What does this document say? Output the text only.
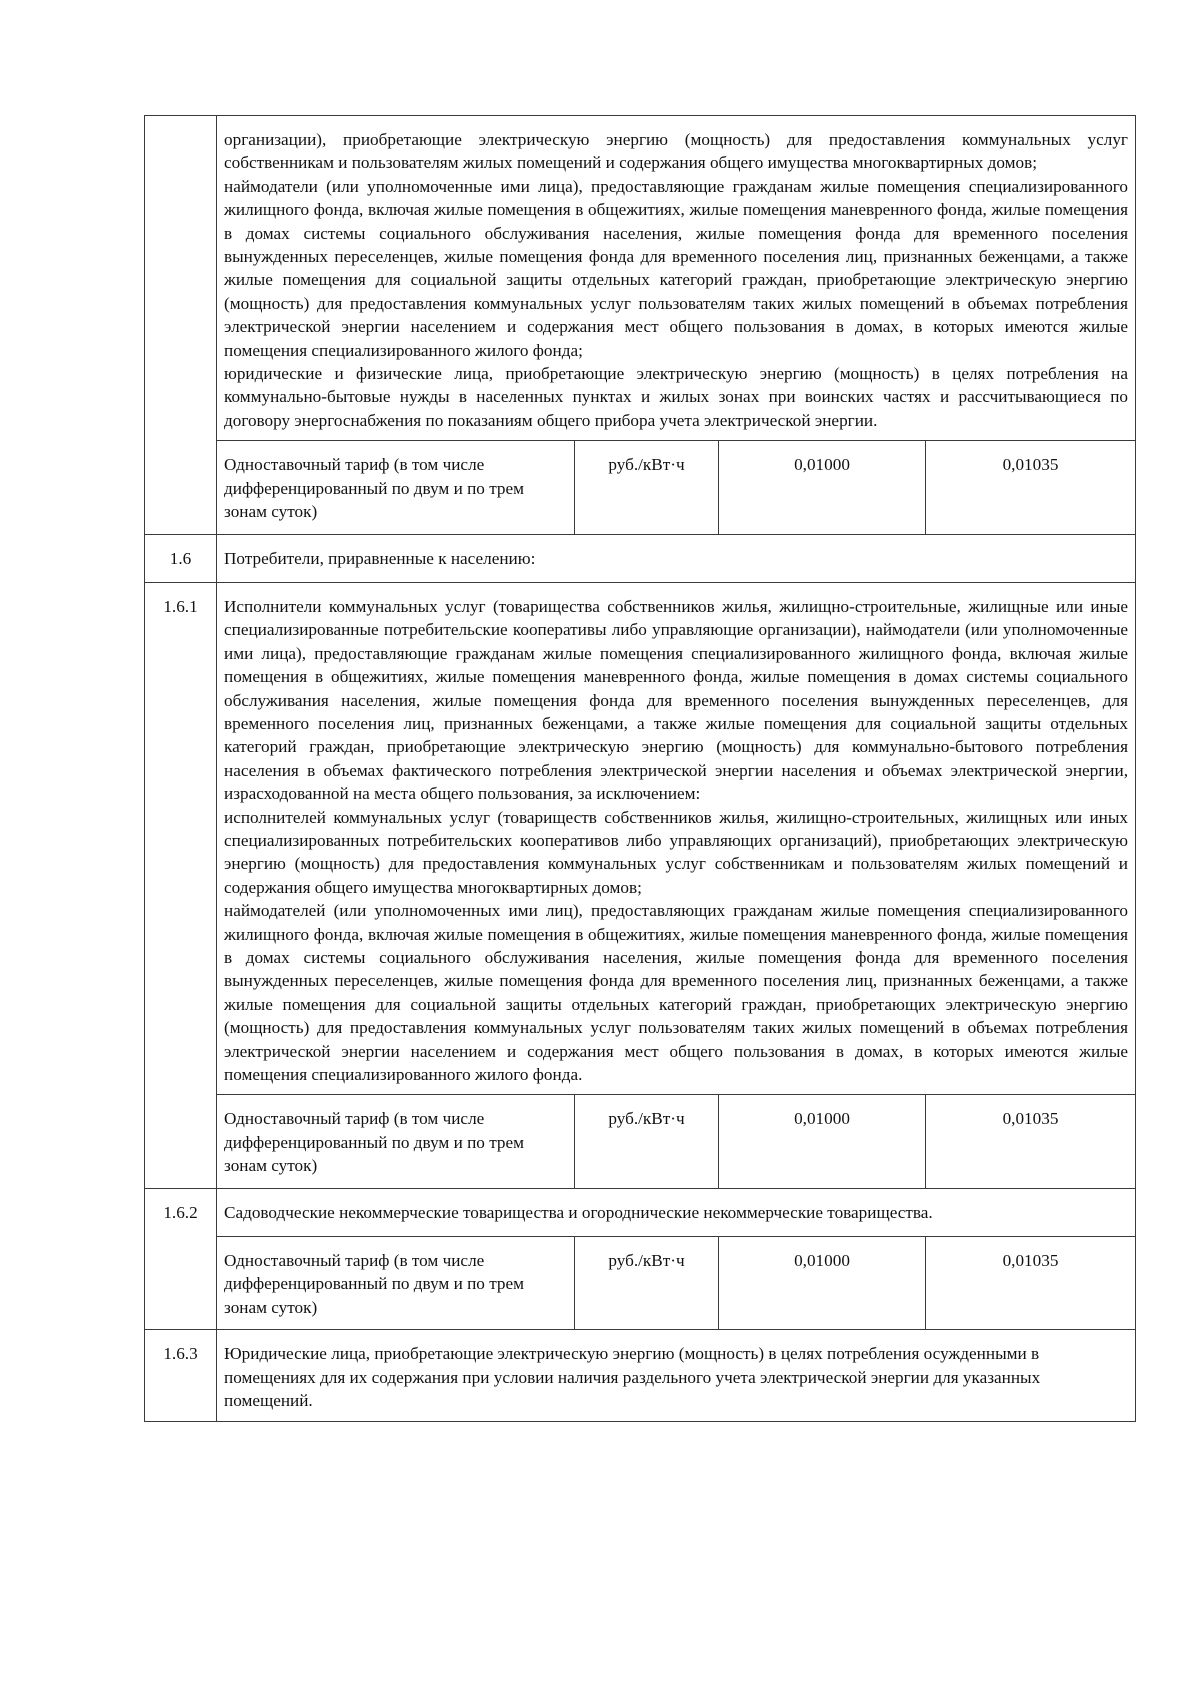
	организации), приобретающие электрическую энергию (мощность) для предоставления коммунальных услуг собственникам и пользователям жилых помещений и содержания общего имущества многоквартирных домов;

наймодатели (или уполномоченные ими лица), предоставляющие гражданам жилые помещения специализированного жилищного фонда, включая жилые помещения в общежитиях, жилые помещения маневренного фонда, жилые помещения в домах системы социального обслуживания населения, жилые помещения фонда для временного поселения вынужденных переселенцев, жилые помещения фонда для временного поселения лиц, признанных беженцами, а также жилые помещения для социальной защиты отдельных категорий граждан, приобретающие электрическую энергию (мощность) для предоставления коммунальных услуг пользователям таких жилых помещений в объемах потребления электрической энергии населением и содержания мест общего пользования в домах, в которых имеются жилые помещения специализированного жилого фонда;

юридические и физические лица, приобретающие электрическую энергию (мощность) в целях потребления на коммунально-бытовые нужды в населенных пунктах и жилых зонах при воинских частях и рассчитывающиеся по договору энергоснабжения по показаниям общего прибора учета электрической энергии.			

	Одноставочный тариф (в том числе дифференцированный по двум и по трем зонам суток)	руб./кВт·ч	0,01000	0,01035
1.6	Потребители, приравненные к населению:			
1.6.1	Исполнители коммунальных услуг (товарищества собственников жилья, жилищно-строительные, жилищные или иные специализированные потребительские кооперативы либо управляющие организации), наймодатели (или уполномоченные ими лица), предоставляющие гражданам жилые помещения специализированного жилищного фонда, включая жилые помещения в общежитиях, жилые помещения маневренного фонда, жилые помещения в домах системы социального обслуживания населения, жилые помещения фонда для временного поселения вынужденных переселенцев, для временного поселения лиц, признанных беженцами, а также жилые помещения для социальной защиты отдельных категорий граждан, приобретающие электрическую энергию (мощность) для коммунально-бытового потребления населения в объемах фактического потребления электрической энергии населения и объемах электрической энергии, израсходованной на места общего пользования, за исключением:

исполнителей коммунальных услуг (товариществ собственников жилья, жилищно-строительных, жилищных или иных специализированных потребительских кооперативов либо управляющих организаций), приобретающих электрическую энергию (мощность) для предоставления коммунальных услуг собственникам и пользователям жилых помещений и содержания общего имущества многоквартирных домов;

наймодателей (или уполномоченных ими лиц), предоставляющих гражданам жилые помещения специализированного жилищного фонда, включая жилые помещения в общежитиях, жилые помещения маневренного фонда, жилые помещения в домах системы социального обслуживания населения, жилые помещения фонда для временного поселения вынужденных переселенцев, жилые помещения фонда для временного поселения лиц, признанных беженцами, а также жилые помещения для социальной защиты отдельных категорий граждан, приобретающих электрическую энергию (мощность) для предоставления коммунальных услуг пользователям таких жилых помещений в объемах потребления электрической энергии населением и содержания мест общего пользования в домах, в которых имеются жилые помещения специализированного жилого фонда.			

	Одноставочный тариф (в том числе дифференцированный по двум и по трем зонам суток)	руб./кВт·ч	0,01000	0,01035
1.6.2	Садоводческие некоммерческие товарищества и огороднические некоммерческие товарищества.			
	Одноставочный тариф (в том числе дифференцированный по двум и по трем зонам суток)	руб./кВт·ч	0,01000	0,01035
1.6.3	Юридические лица, приобретающие электрическую энергию (мощность) в целях потребления осужденными в помещениях для их содержания при условии наличия раздельного учета электрической энергии для указанных помещений.			
